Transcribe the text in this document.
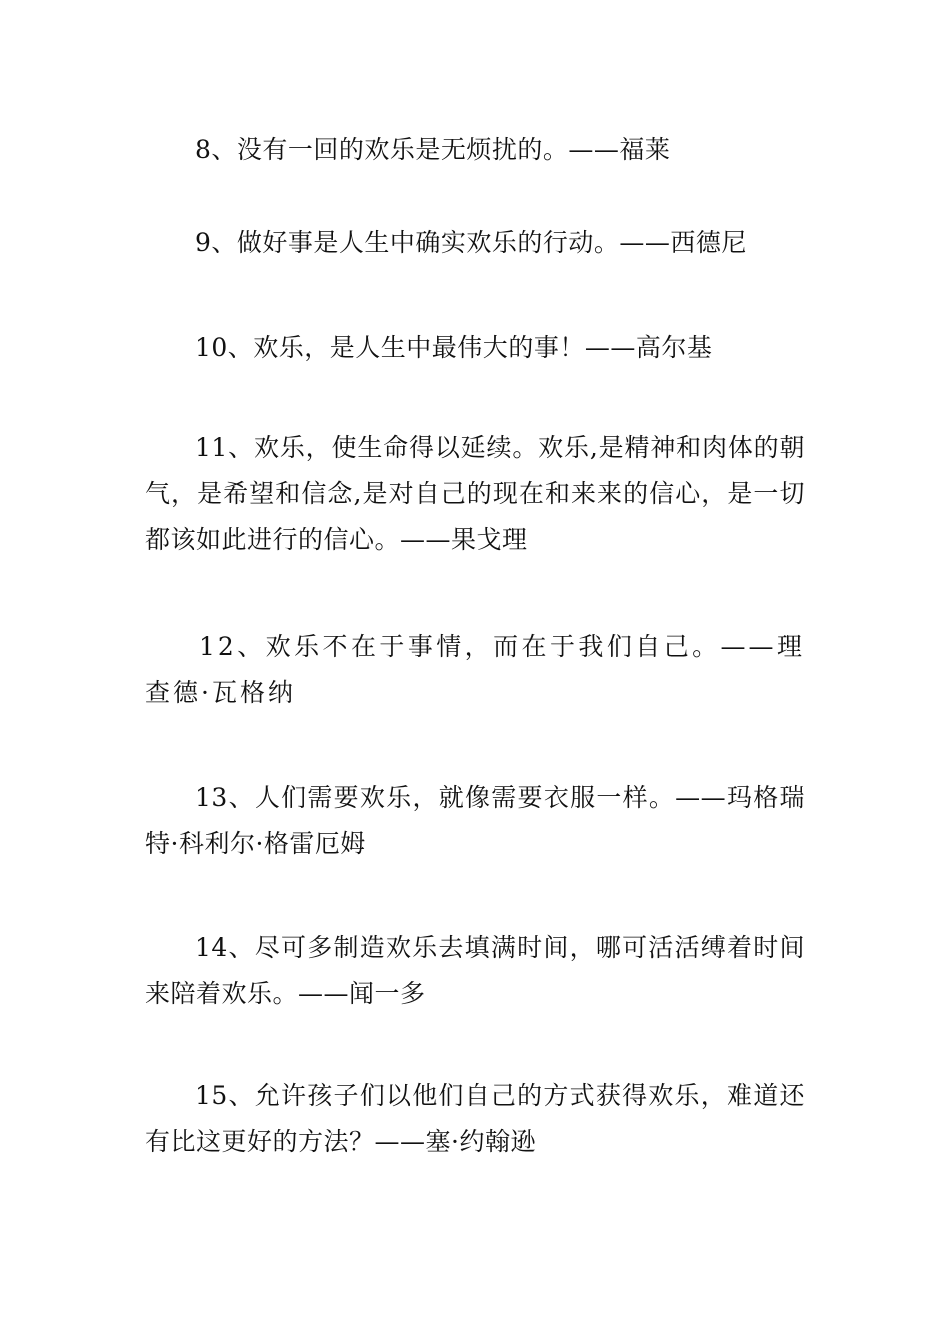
8、没有一回的欢乐是无烦扰的。——福莱

9、做好事是人生中确实欢乐的行动。——西德尼

10、欢乐，是人生中最伟大的事！——高尔基

11、欢乐，使生命得以延续。欢乐,是精神和肉体的朝气，是希望和信念,是对自己的现在和来来的信心，是一切都该如此进行的信心。——果戈理

12、欢乐不在于事情，而在于我们自己。——理查德·瓦格纳

13、人们需要欢乐，就像需要衣服一样。——玛格瑞特·科利尔·格雷厄姆

14、尽可多制造欢乐去填满时间，哪可活活缚着时间来陪着欢乐。——闻一多

15、允许孩子们以他们自己的方式获得欢乐，难道还有比这更好的方法？——塞·约翰逊
